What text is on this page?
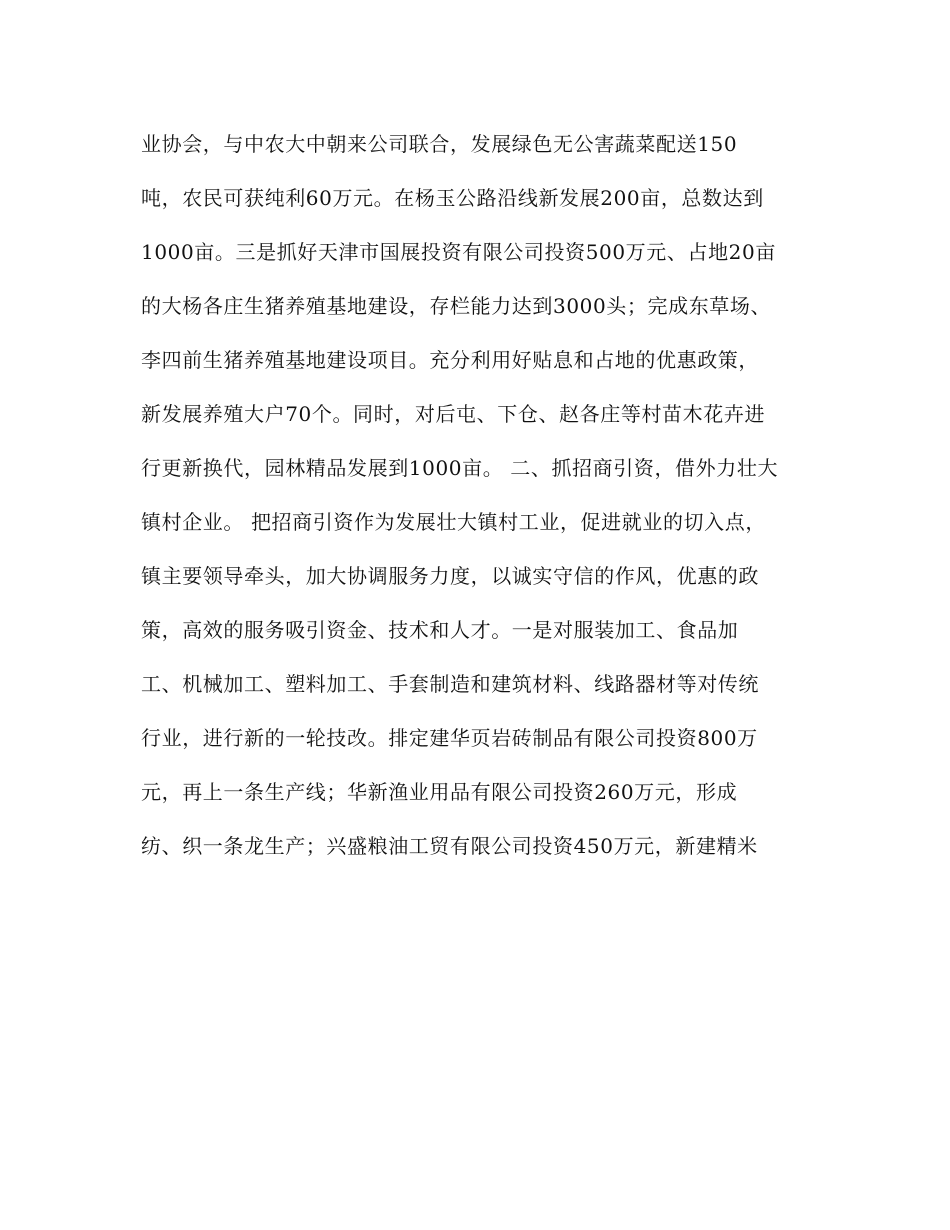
业协会，与中农大中朝来公司联合，发展绿色无公害蔬菜配送150
吨，农民可获纯利60万元。在杨玉公路沿线新发展200亩，总数达到
1000亩。三是抓好天津市国展投资有限公司投资500万元、占地20亩
的大杨各庄生猪养殖基地建设，存栏能力达到3000头；完成东草场、
李四前生猪养殖基地建设项目。充分利用好贴息和占地的优惠政策，
新发展养殖大户70个。同时，对后屯、下仓、赵各庄等村苗木花卉进
行更新换代，园林精品发展到1000亩。 二、抓招商引资，借外力壮大
镇村企业。 把招商引资作为发展壮大镇村工业，促进就业的切入点，
镇主要领导牵头，加大协调服务力度，以诚实守信的作风，优惠的政
策，高效的服务吸引资金、技术和人才。一是对服装加工、食品加
工、机械加工、塑料加工、手套制造和建筑材料、线路器材等对传统
行业，进行新的一轮技改。排定建华页岩砖制品有限公司投资800万
元，再上一条生产线；华新渔业用品有限公司投资260万元，形成
纺、织一条龙生产；兴盛粮油工贸有限公司投资450万元，新建精米
